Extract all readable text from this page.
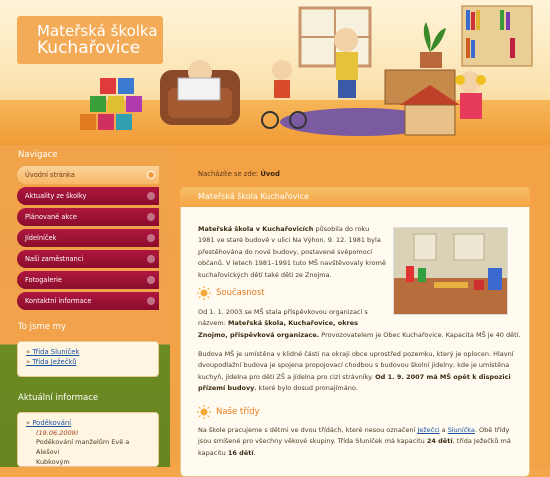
Mateřská školka
Kuchařovice
Navigace
Úvodní stránka
Aktuality ze školky
Plánované akce
Jídelníček
Naši zaměstnanci
Fotogalerie
Kontaktní informace
To jsme my
» Třída Sluníček
» Třída Ježečků
Aktuální informace
» Poděkování
(19.06.2009)
Poděkování manželům Evě a Alešovi
Kubkovým
Nacházíte se zde: Úvod
Mateřská škola Kuchařovice
Mateřská škola v Kuchařovicích působila do roku
1981 ve staré budově v ulici Na Výhon. 9. 12. 1981 byla
přestěhována do nové budovy, postavené svépomocí
občanů. V letech 1981–1991 tuto MŠ navštěvovaly kromě
kuchařovických dětí také děti ze Znojma.
Současnost
Od 1. 1. 2003 se MŠ stala příspěvkovou organizací s
názvem: Mateřská škola, Kuchařovice, okres
Znojmo, příspěvková organizace. Provozovatelem je Obec Kuchařovice. Kapacita MŠ je 40 dětí.
Budova MŠ je umístěna v klidné části na okraji obce uprostřed pozemku, který je oplocen. Hlavní
dvoupodlažní budova je spojena propojovací chodbou s budovou školní jídelny, kde je umístěna
kuchyň, jídelna pro děti ZŠ a jídelna pro cizí strávníky. Od 1. 9. 2007 má MŠ opět k dispozici
přízemí budovy, které bylo dosud pronajímáno.
Naše třídy
Na škole pracujeme s dětmi ve dvou třídách, které nesou označení Ježečci a Sluníčka. Obě třídy
jsou smíšené pro všechny věkové skupiny. Třída Sluníček má kapacitu 24 dětí, třída Ježečků má
kapacitu 16 dětí.
